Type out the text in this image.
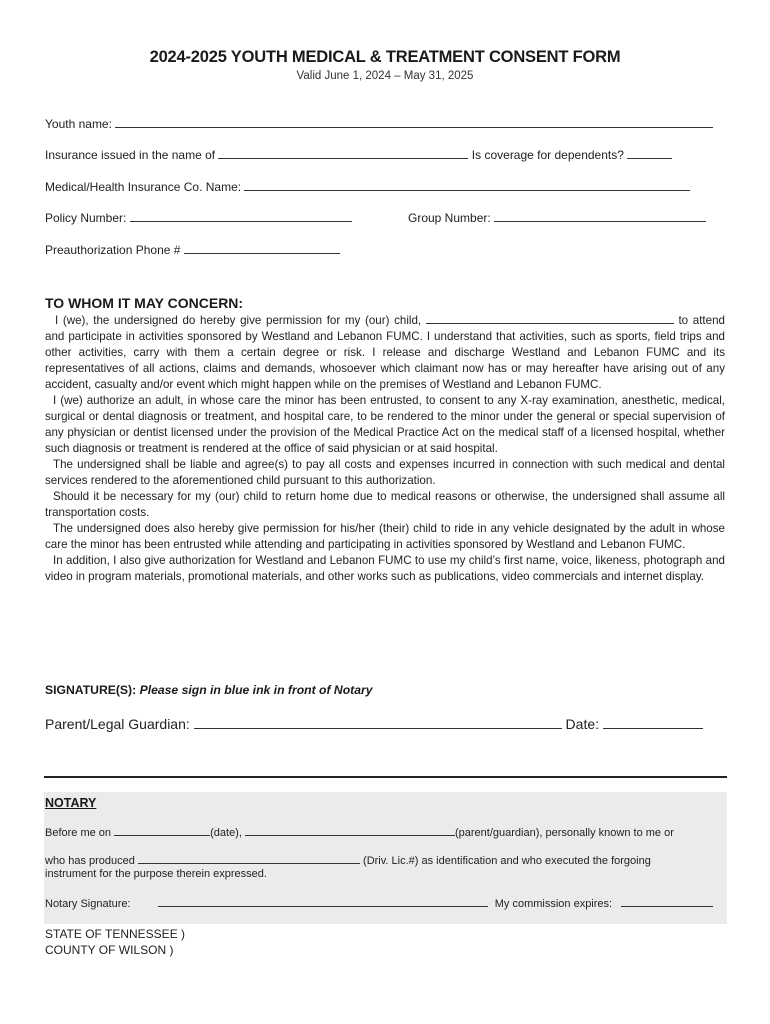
2024-2025 YOUTH MEDICAL & TREATMENT CONSENT FORM
Valid June 1, 2024 – May 31, 2025
Youth name:
Insurance issued in the name of	Is coverage for dependents?
Medical/Health Insurance Co. Name:
Policy Number:	Group Number:
Preauthorization Phone #
TO WHOM IT MAY CONCERN:

I (we), the undersigned do hereby give permission for my (our) child,	to attend and participate in activities sponsored by Westland and Lebanon FUMC. I understand that activities, such as sports, field trips and other activities, carry with them a certain degree or risk. I release and discharge Westland and Lebanon FUMC and its representatives of all actions, claims and demands, whosoever which claimant now has or may hereafter have arising out of any accident, casualty and/or event which might happen while on the premises of Westland and Lebanon FUMC.

I (we) authorize an adult, in whose care the minor has been entrusted, to consent to any X-ray examination, anesthetic, medical, surgical or dental diagnosis or treatment, and hospital care, to be rendered to the minor under the general or special supervision of any physician or dentist licensed under the provision of the Medical Practice Act on the medical staff of a licensed hospital, whether such diagnosis or treatment is rendered at the office of said physician or at said hospital.

The undersigned shall be liable and agree(s) to pay all costs and expenses incurred in connection with such medical and dental services rendered to the aforementioned child pursuant to this authorization.

Should it be necessary for my (our) child to return home due to medical reasons or otherwise, the undersigned shall assume all transportation costs.

The undersigned does also hereby give permission for his/her (their) child to ride in any vehicle designated by the adult in whose care the minor has been entrusted while attending and participating in activities sponsored by Westland and Lebanon FUMC.

In addition, I also give authorization for Westland and Lebanon FUMC to use my child’s first name, voice, likeness, photograph and video in program materials, promotional materials, and other works such as publications, video commercials and internet display.

SIGNATURE(S): Please sign in blue ink in front of Notary
Parent/Legal Guardian:	Date:
NOTARY
Before me on	(date),	(parent/guardian), personally known to me or
who has produced	(Driv. Lic.#) as identification and who executed the forgoing
instrument for the purpose therein expressed.
Notary Signature:	My commission expires:
STATE OF TENNESSEE )
COUNTY OF WILSON )
